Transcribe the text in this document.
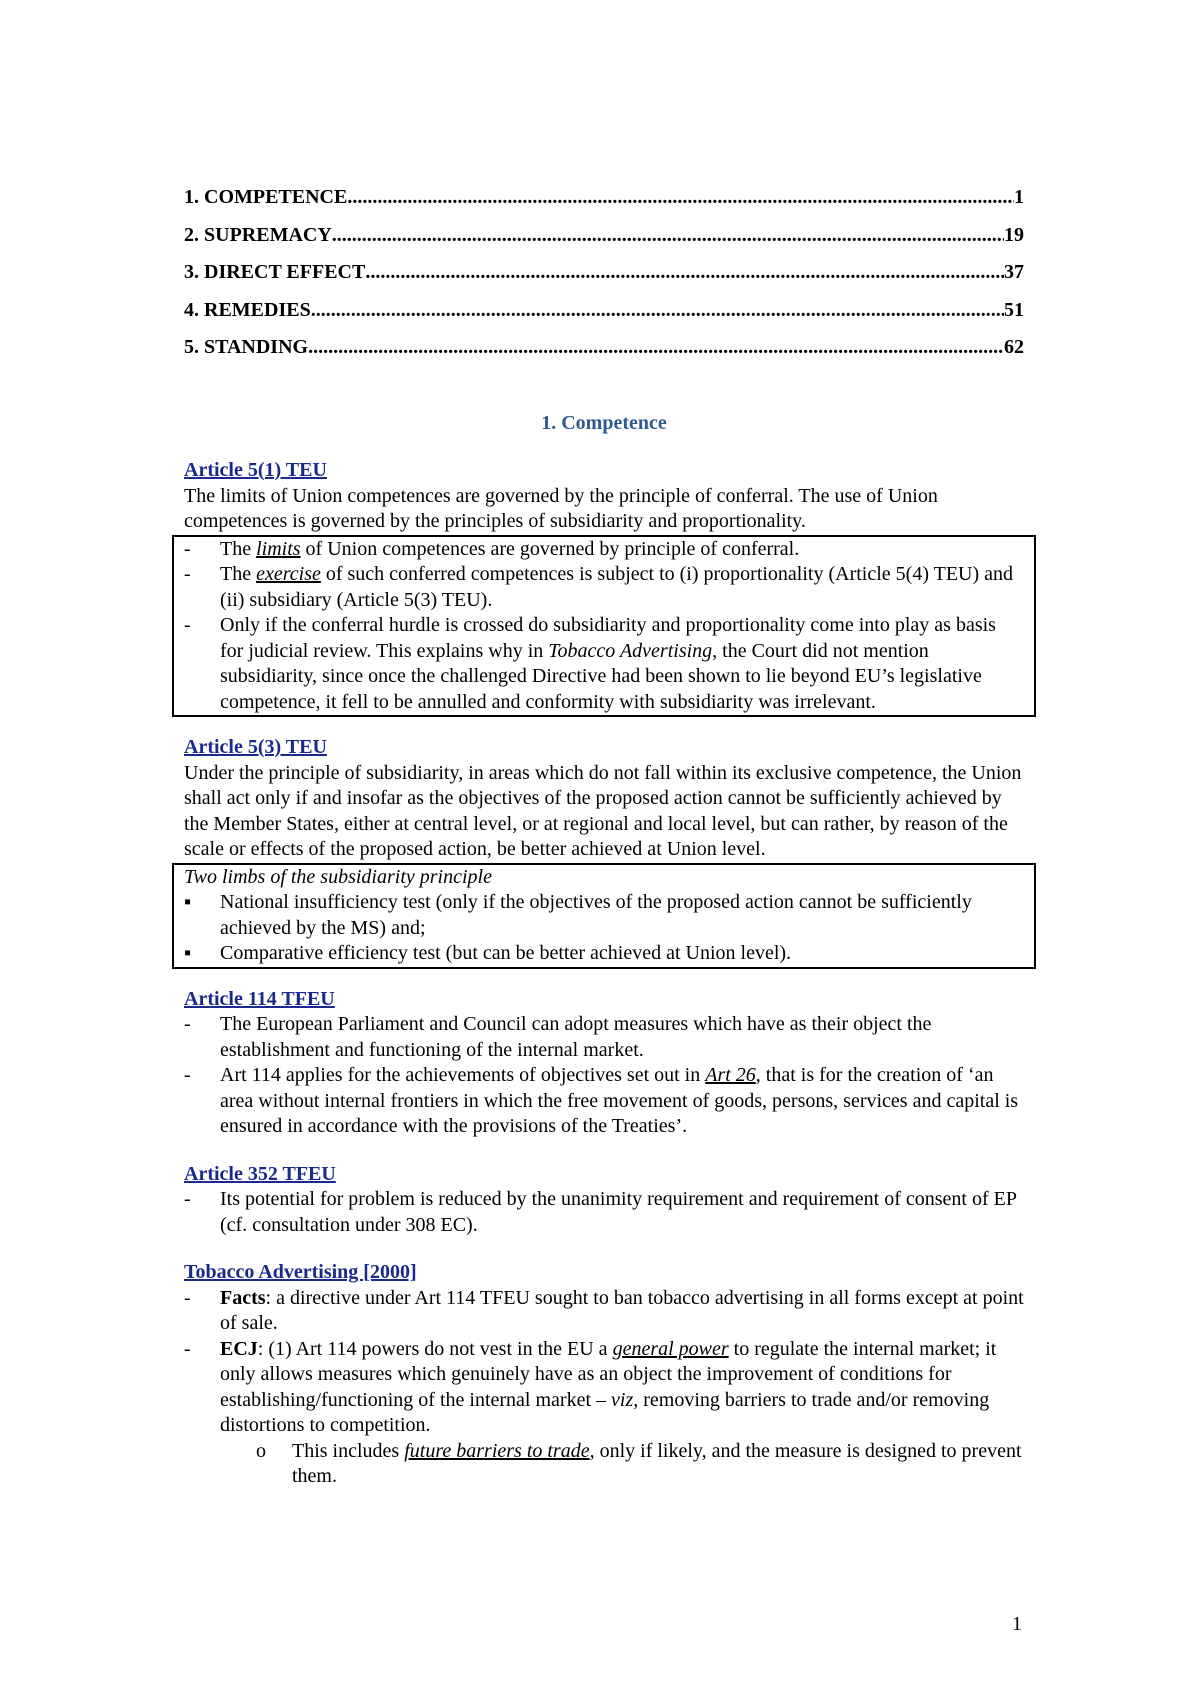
1. COMPETENCE .....	1
2. SUPREMACY .....	19
3. DIRECT EFFECT .....	37
4. REMEDIES .....	51
5. STANDING .....	62
1. Competence
Article 5(1) TEU

The limits of Union competences are governed by the principle of conferral. The use of Union competences is governed by the principles of subsidiarity and proportionality.

-	The limits of Union competences are governed by principle of conferral.
-	The exercise of such conferred competences is subject to (i) proportionality (Article 5(4) TEU) and (ii) subsidiary (Article 5(3) TEU).
-	Only if the conferral hurdle is crossed do subsidiarity and proportionality come into play as basis for judicial review. This explains why in Tobacco Advertising, the Court did not mention subsidiarity, since once the challenged Directive had been shown to lie beyond EU’s legislative competence, it fell to be annulled and conformity with subsidiarity was irrelevant.
Article 5(3) TEU

Under the principle of subsidiarity, in areas which do not fall within its exclusive competence, the Union shall act only if and insofar as the objectives of the proposed action cannot be sufficiently achieved by the Member States, either at central level, or at regional and local level, but can rather, by reason of the scale or effects of the proposed action, be better achieved at Union level.

Two limbs of the subsidiarity principle

▪	National insufficiency test (only if the objectives of the proposed action cannot be sufficiently achieved by the MS) and;
▪	Comparative efficiency test (but can be better achieved at Union level).
Article 114 TFEU
-	The European Parliament and Council can adopt measures which have as their object the establishment and functioning of the internal market.
-	Art 114 applies for the achievements of objectives set out in Art 26, that is for the creation of ‘an area without internal frontiers in which the free movement of goods, persons, services and capital is ensured in accordance with the provisions of the Treaties’.
Article 352 TFEU
-	Its potential for problem is reduced by the unanimity requirement and requirement of consent of EP (cf. consultation under 308 EC).
Tobacco Advertising [2000]
-	Facts: a directive under Art 114 TFEU sought to ban tobacco advertising in all forms except at point of sale.
-	ECJ: (1) Art 114 powers do not vest in the EU a general power to regulate the internal market; it only allows measures which genuinely have as an object the improvement of conditions for establishing/functioning of the internal market – viz, removing barriers to trade and/or removing distortions to competition.
o This includes future barriers to trade, only if likely, and the measure is designed to prevent them.
1
